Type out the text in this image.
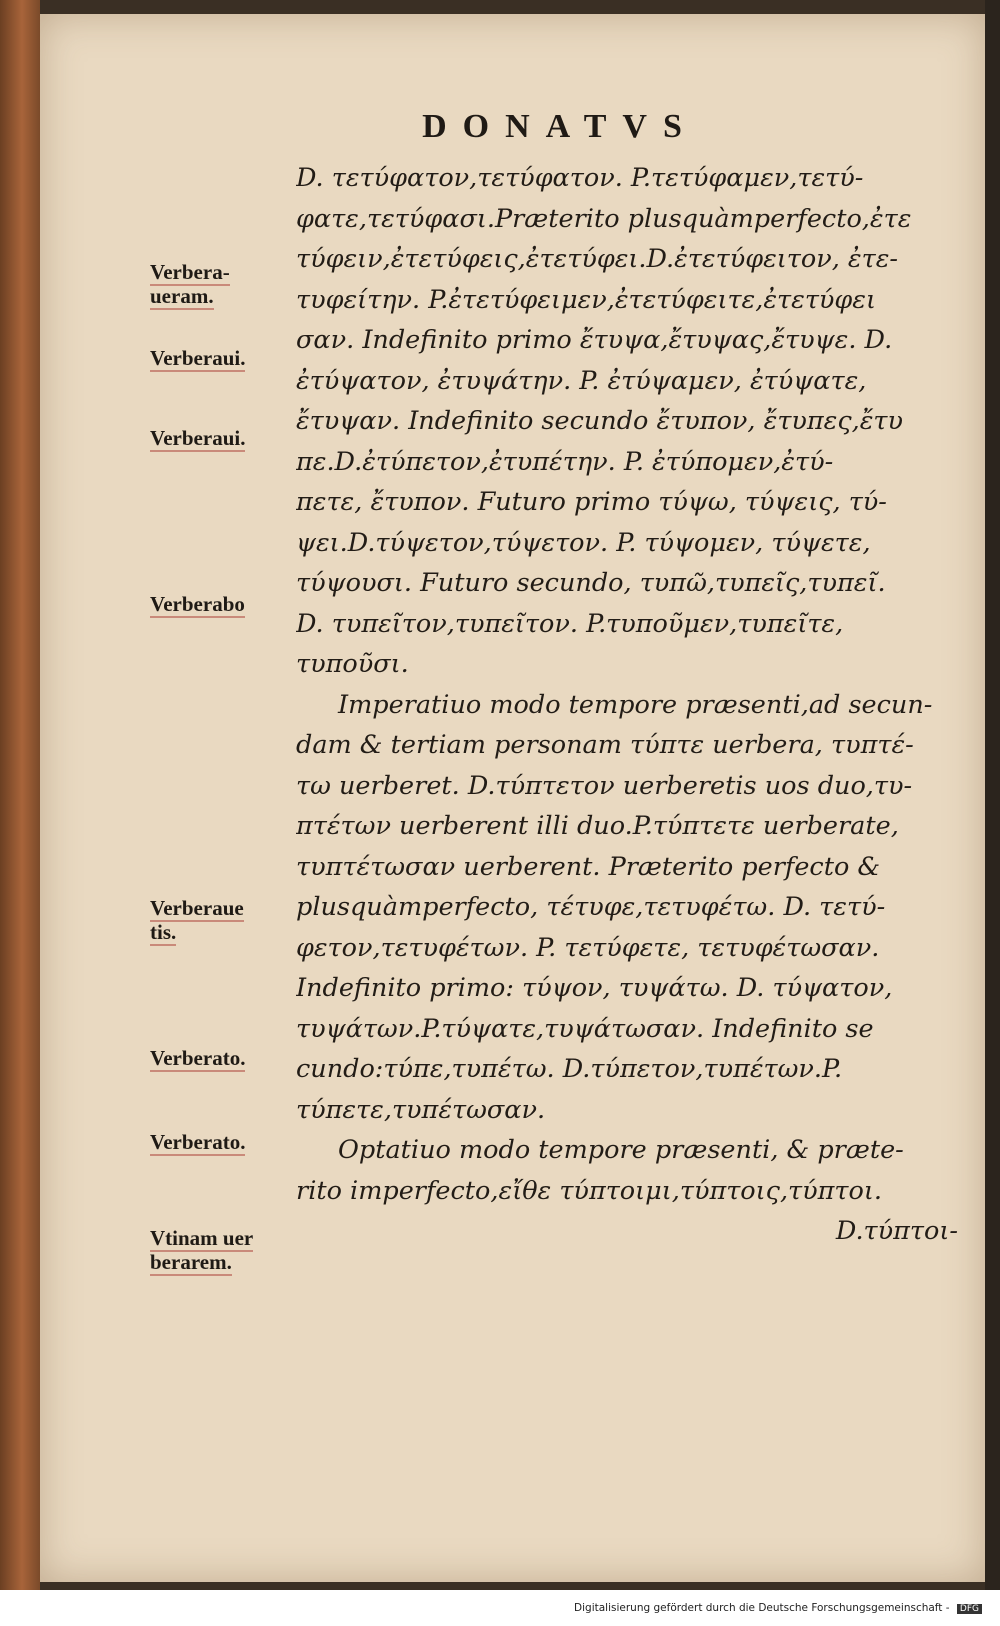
DONATVS
D. τετύφατον,τετύφατον. P.τετύφαμεν,τετύ-
φατε,τετύφασι.Præterito plusquàmperfecto,ἐτε
τύφειν,ἐτετύφεις,ἐτετύφει.D.ἐτετύφειτον, ἐτε-
τυφείτην. P.ἐτετύφειμεν,ἐτετύφειτε,ἐτετύφει
σαν. Indefinito primo ἔτυψα,ἔτυψας,ἔτυψε. D.
ἐτύψατον, ἐτυψάτην. P. ἐτύψαμεν, ἐτύψατε,
ἔτυψαν. Indefinito secundo ἔτυπον, ἔτυπες,ἔτυ
πε.D.ἐτύπετον,ἐτυπέτην. P. ἐτύπομεν,ἐτύ-
πετε, ἔτυπον. Futuro primo τύψω, τύψεις, τύ-
ψει.D.τύψετον,τύψετον. P. τύψομεν, τύψετε,
τύψουσι. Futuro secundo, τυπῶ,τυπεῖς,τυπεῖ.
D. τυπεῖτον,τυπεῖτον. P.τυποῦμεν,τυπεῖτε,
τυποῦσι.
Imperatiuo modo tempore præsenti,ad secun-
dam & tertiam personam τύπτε uerbera, τυπτέ-
τω uerberet. D.τύπτετον uerberetis uos duo,τυ-
πτέτων uerberent illi duo.P.τύπτετε uerberate,
τυπτέτωσαν uerberent. Præterito perfecto &
plusquàmperfecto, τέτυφε,τετυφέτω. D. τετύ-
φετον,τετυφέτων. P. τετύφετε, τετυφέτωσαν.
Indefinito primo: τύψον, τυψάτω. D. τύψατον,
τυψάτων.P.τύψατε,τυψάτωσαν. Indefinito se
cundo:τύπε,τυπέτω. D.τύπετον,τυπέτων.P.
τύπετε,τυπέτωσαν.
Optatiuo modo tempore præsenti, & præte-
rito imperfecto,εἴθε τύπτοιμι,τύπτοις,τύπτοι.
D.τύπτοι-
Verbera-
ueram.
Verberaui.
Verberaui.
Verberabo
Verberaue
tis.
Verberato.
Verberato.
Vtinam uer
berarem.
Digitalisierung gefördert durch die Deutsche Forschungsgemeinschaft - DFG
